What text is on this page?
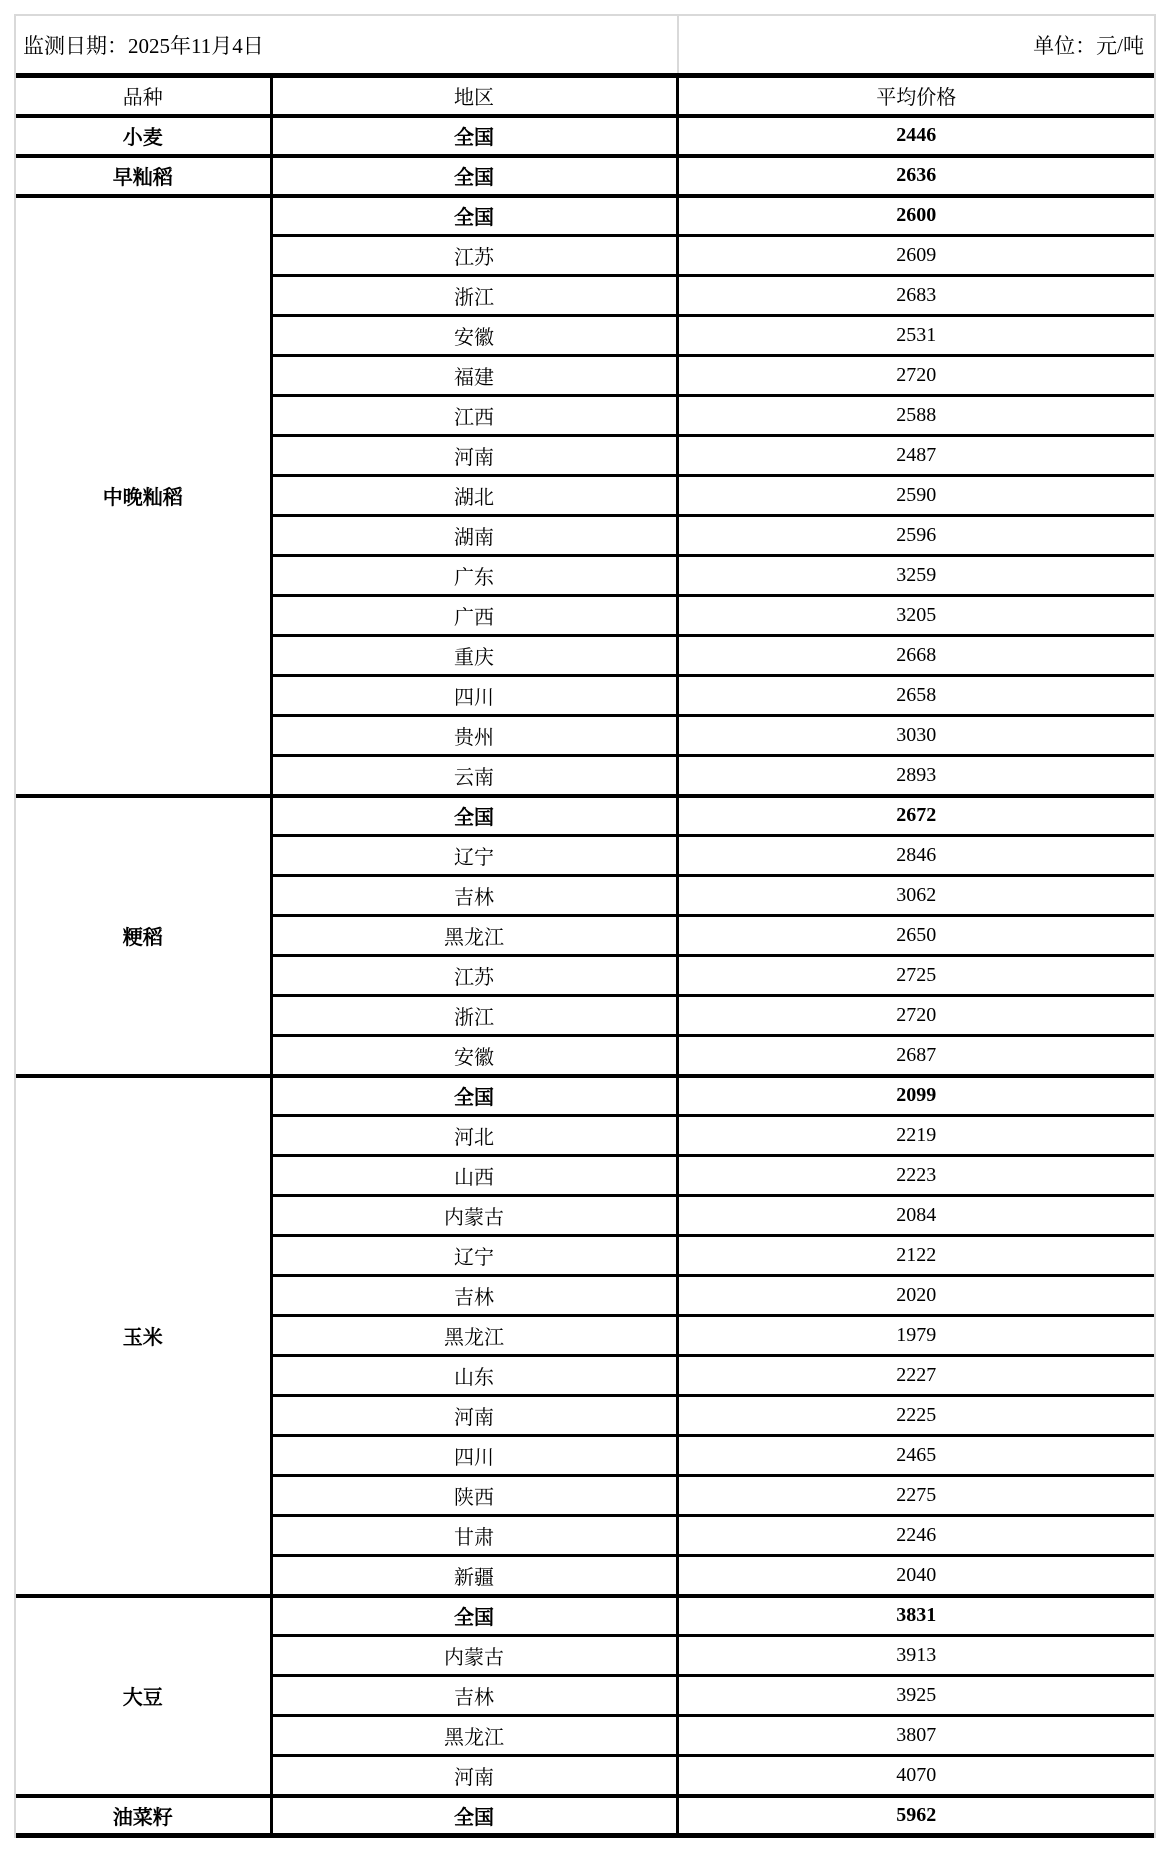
监测日期：2025年11月4日	单位：元/吨
品种	地区	平均价格
小麦	全国	2446
早籼稻	全国	2636
中晚籼稻	全国	2600
	江苏	2609
	浙江	2683
	安徽	2531
	福建	2720
	江西	2588
	河南	2487
	湖北	2590
	湖南	2596
	广东	3259
	广西	3205
	重庆	2668
	四川	2658
	贵州	3030
	云南	2893
粳稻	全国	2672
	辽宁	2846
	吉林	3062
	黑龙江	2650
	江苏	2725
	浙江	2720
	安徽	2687
玉米	全国	2099
	河北	2219
	山西	2223
	内蒙古	2084
	辽宁	2122
	吉林	2020
	黑龙江	1979
	山东	2227
	河南	2225
	四川	2465
	陕西	2275
	甘肃	2246
	新疆	2040
大豆	全国	3831
	内蒙古	3913
	吉林	3925
	黑龙江	3807
	河南	4070
油菜籽	全国	5962
